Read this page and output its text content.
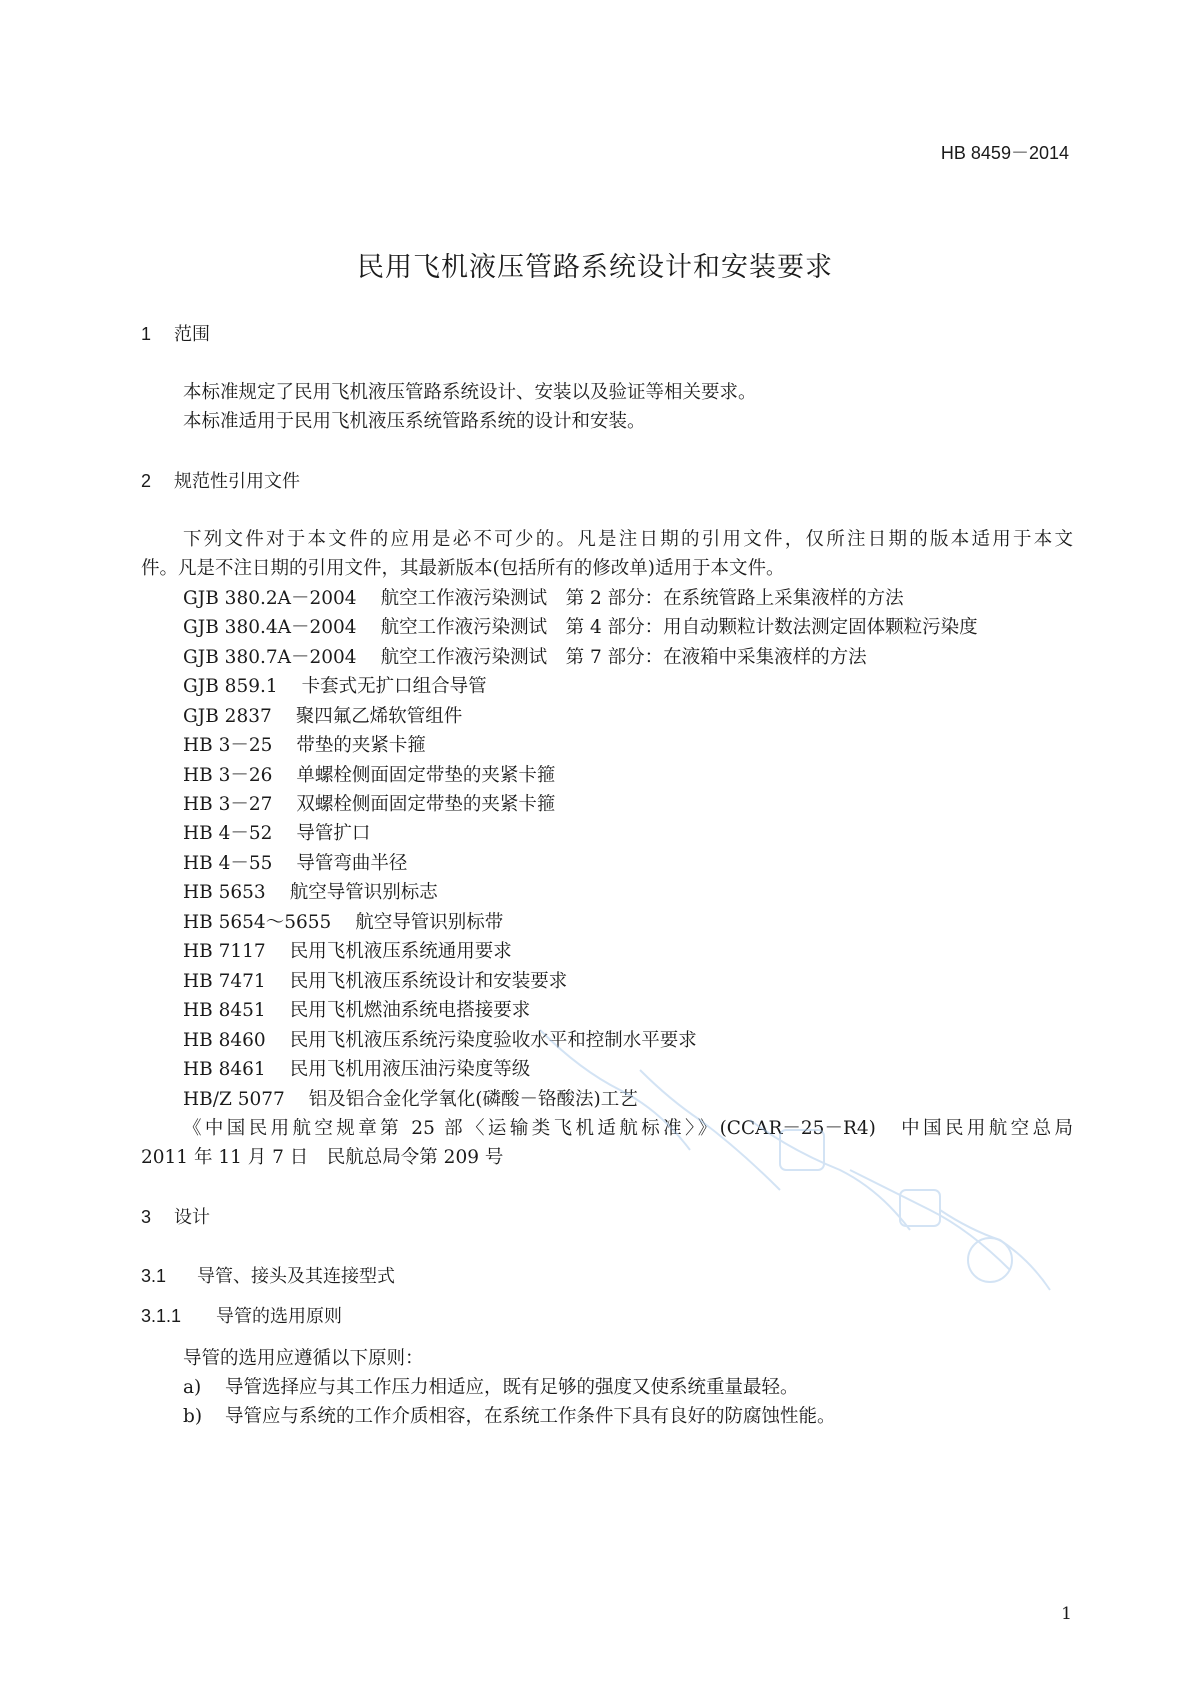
HB 8459－2014
民用飞机液压管路系统设计和安装要求
1 范围
本标准规定了民用飞机液压管路系统设计、安装以及验证等相关要求。
本标准适用于民用飞机液压系统管路系统的设计和安装。
2 规范性引用文件
下列文件对于本文件的应用是必不可少的。凡是注日期的引用文件，仅所注日期的版本适用于本文
件。凡是不注日期的引用文件，其最新版本(包括所有的修改单)适用于本文件。
GJB 380.2A－2004 航空工作液污染测试　第 2 部分：在系统管路上采集液样的方法
GJB 380.4A－2004 航空工作液污染测试　第 4 部分：用自动颗粒计数法测定固体颗粒污染度
GJB 380.7A－2004 航空工作液污染测试　第 7 部分：在液箱中采集液样的方法
GJB 859.1 卡套式无扩口组合导管
GJB 2837 聚四氟乙烯软管组件
HB 3－25 带垫的夹紧卡箍
HB 3－26 单螺栓侧面固定带垫的夹紧卡箍
HB 3－27 双螺栓侧面固定带垫的夹紧卡箍
HB 4－52 导管扩口
HB 4－55 导管弯曲半径
HB 5653 航空导管识别标志
HB 5654～5655 航空导管识别标带
HB 7117 民用飞机液压系统通用要求
HB 7471 民用飞机液压系统设计和安装要求
HB 8451 民用飞机燃油系统电搭接要求
HB 8460 民用飞机液压系统污染度验收水平和控制水平要求
HB 8461 民用飞机用液压油污染度等级
HB/Z 5077 铝及铝合金化学氧化(磷酸－铬酸法)工艺
《中国民用航空规章第 25 部〈运输类飞机适航标准〉》(CCAR－25－R4)　中国民用航空总局
2011 年 11 月 7 日　民航总局令第 209 号
3 设计
3.1 导管、接头及其连接型式
3.1.1 导管的选用原则
导管的选用应遵循以下原则：
a) 导管选择应与其工作压力相适应，既有足够的强度又使系统重量最轻。
b) 导管应与系统的工作介质相容，在系统工作条件下具有良好的防腐蚀性能。
1
